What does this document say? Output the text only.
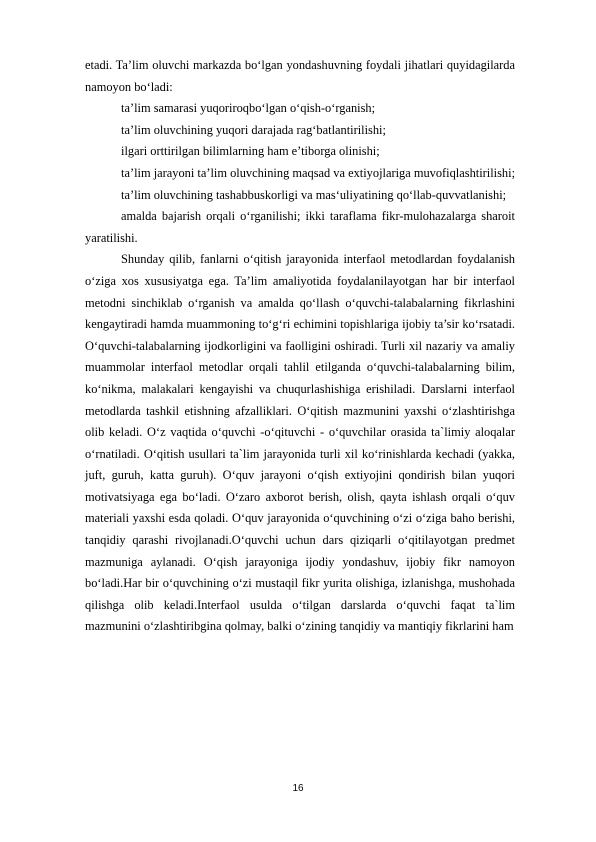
etadi. Ta’lim oluvchi markazda bo‘lgan yondashuvning foydali jihatlari quyidagilarda namoyon bo‘ladi:

ta’lim samarasi yuqoriroqbo‘lgan o‘qish-o‘rganish;

ta’lim oluvchining yuqori darajada rag‘batlantirilishi;

ilgari orttirilgan bilimlarning ham e’tiborga olinishi;

ta’lim jarayoni ta’lim oluvchining maqsad va extiyojlariga muvofiqlashtirilishi;

ta’lim oluvchining tashabbuskorligi va mas‘uliyatining qo‘llab-quvvatlanishi;

amalda bajarish orqali o‘rganilishi; ikki taraflama fikr-mulohazalarga sharoit yaratilishi.

Shunday qilib, fanlarni o‘qitish jarayonida interfaol metodlardan foydalanish o‘ziga xos xususiyatga ega. Ta’lim amaliyotida foydalanilayotgan har bir interfaol metodni sinchiklab o‘rganish va amalda qo‘llash o‘quvchi-talabalarning fikrlashini kengaytiradi hamda muammoning to‘g‘ri echimini topishlariga ijobiy ta’sir ko‘rsatadi. O‘quvchi-talabalarning ijodkorligini va faolligini oshiradi. Turli xil nazariy va amaliy muammolar interfaol metodlar orqali tahlil etilganda o‘quvchi-talabalarning bilim, ko‘nikma, malakalari kengayishi va chuqurlashishiga erishiladi. Darslarni interfaol metodlarda tashkil etishning afzalliklari. O‘qitish mazmunini yaxshi o‘zlashtirishga olib keladi. O‘z vaqtida o‘quvchi -o‘qituvchi - o‘quvchilar orasida ta`limiy aloqalar o‘rnatiladi. O‘qitish usullari ta`lim jarayonida turli xil ko‘rinishlarda kechadi (yakka, juft, guruh, katta guruh). O‘quv jarayoni o‘qish extiyojini qondirish bilan yuqori motivatsiyaga ega bo‘ladi. O‘zaro axborot berish, olish, qayta ishlash orqali o‘quv materiali yaxshi esda qoladi. O‘quv jarayonida o‘quvchining o‘zi o‘ziga baho berishi, tanqidiy qarashi rivojlanadi.O‘quvchi uchun dars qiziqarli o‘qitilayotgan predmet mazmuniga aylanadi. O‘qish jarayoniga ijodiy yondashuv, ijobiy fikr namoyon bo‘ladi.Har bir o‘quvchining o‘zi mustaqil fikr yurita olishiga, izlanishga, mushohada qilishga olib keladi.Interfaol usulda o‘tilgan darslarda o‘quvchi faqat ta`lim mazmunini o‘zlashtiribgina qolmay, balki o‘zining tanqidiy va mantiqiy fikrlarini ham

16
